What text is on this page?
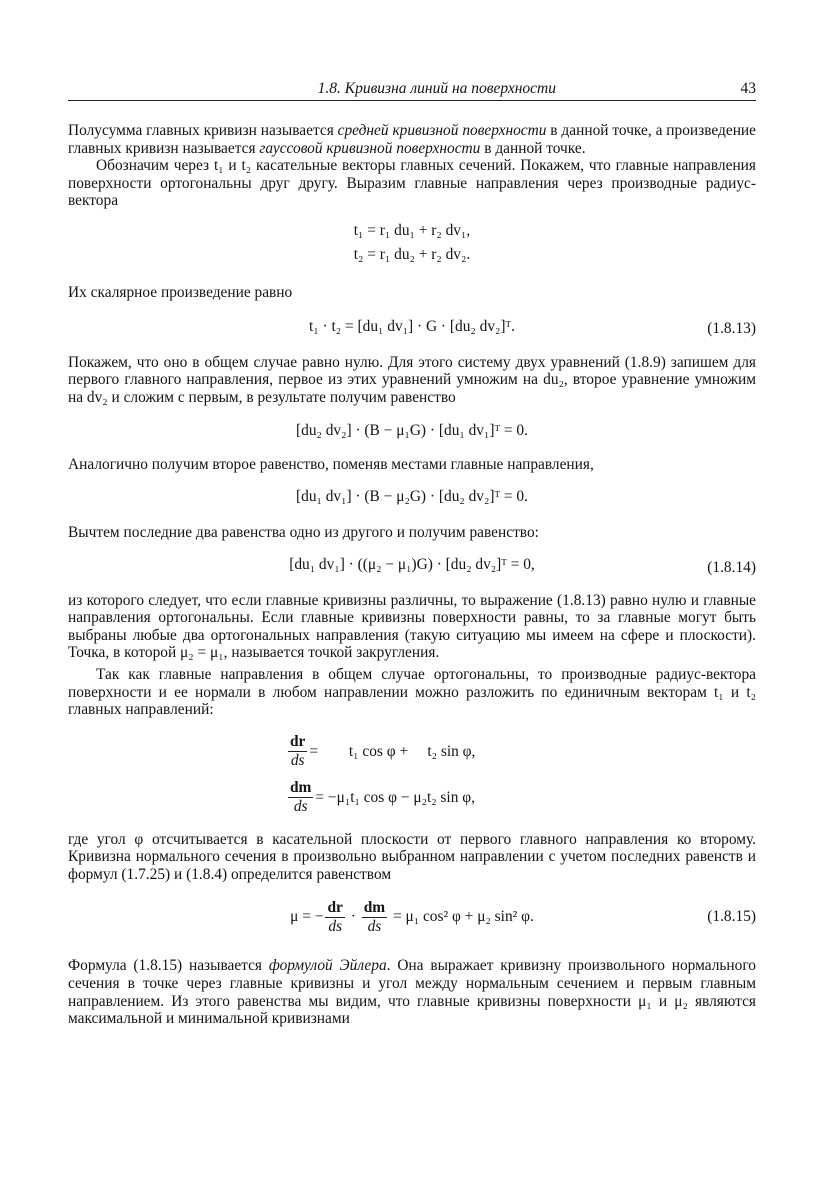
1.8. Кривизна линий на поверхности	43

Полусумма главных кривизн называется средней кривизной поверхности в данной точке, а произведение главных кривизн называется гауссовой кривизной поверхности в данной точке.

Обозначим через t₁ и t₂ касательные векторы главных сечений. Покажем, что главные направления поверхности ортогональны друг другу. Выразим главные направления через производные радиус-вектора

t₁ = r₁ du₁ + r₂ dv₁,
t₂ = r₁ du₂ + r₂ dv₂.

Их скалярное произведение равно

t₁ · t₂ = [du₁ dv₁] · G · [du₂ dv₂]ᵀ.	(1.8.13)

Покажем, что оно в общем случае равно нулю. Для этого систему двух уравнений (1.8.9) запишем для первого главного направления, первое из этих уравнений умножим на du₂, второе уравнение умножим на dv₂ и сложим с первым, в результате получим равенство

[du₂ dv₂] · (B − μ₁G) · [du₁ dv₁]ᵀ = 0.

Аналогично получим второе равенство, поменяв местами главные направления,

[du₁ dv₁] · (B − μ₂G) · [du₂ dv₂]ᵀ = 0.

Вычтем последние два равенства одно из другого и получим равенство:

[du₁ dv₁] · ((μ₂ − μ₁)G) · [du₂ dv₂]ᵀ = 0,	(1.8.14)

из которого следует, что если главные кривизны различны, то выражение (1.8.13) равно нулю и главные направления ортогональны. Если главные кривизны поверхности равны, то за главные могут быть выбраны любые два ортогональных направления (такую ситуацию мы имеем на сфере и плоскости). Точка, в которой μ₂ = μ₁, называется точкой закругления.

Так как главные направления в общем случае ортогональны, то производные радиус-вектора поверхности и ее нормали в любом направлении можно разложить по единичным векторам t₁ и t₂ главных направлений:

$\frac{dr}{ds}$ =        t₁ cos φ +     t₂ sin φ,
$\frac{dm}{ds} = -\mu_1t_1$ cos φ − μ₂t₂ sin φ,

где угол φ отсчитывается в касательной плоскости от первого главного направления ко второму. Кривизна нормального сечения в произвольно выбранном направлении с учетом последних равенств и формул (1.7.25) и (1.8.4) определится равенством

μ = − $\frac{dr}{ds} \cdot \frac{dm}{ds} = \mu_1$ cos² φ + μ₂ sin² φ.	(1.8.15)

Формула (1.8.15) называется формулой Эйлера. Она выражает кривизну произвольного нормального сечения в точке через главные кривизны и угол между нормальным сечением и первым главным направлением. Из этого равенства мы видим, что главные кривизны поверхности μ₁ и μ₂ являются максимальной и минимальной кривизнами
